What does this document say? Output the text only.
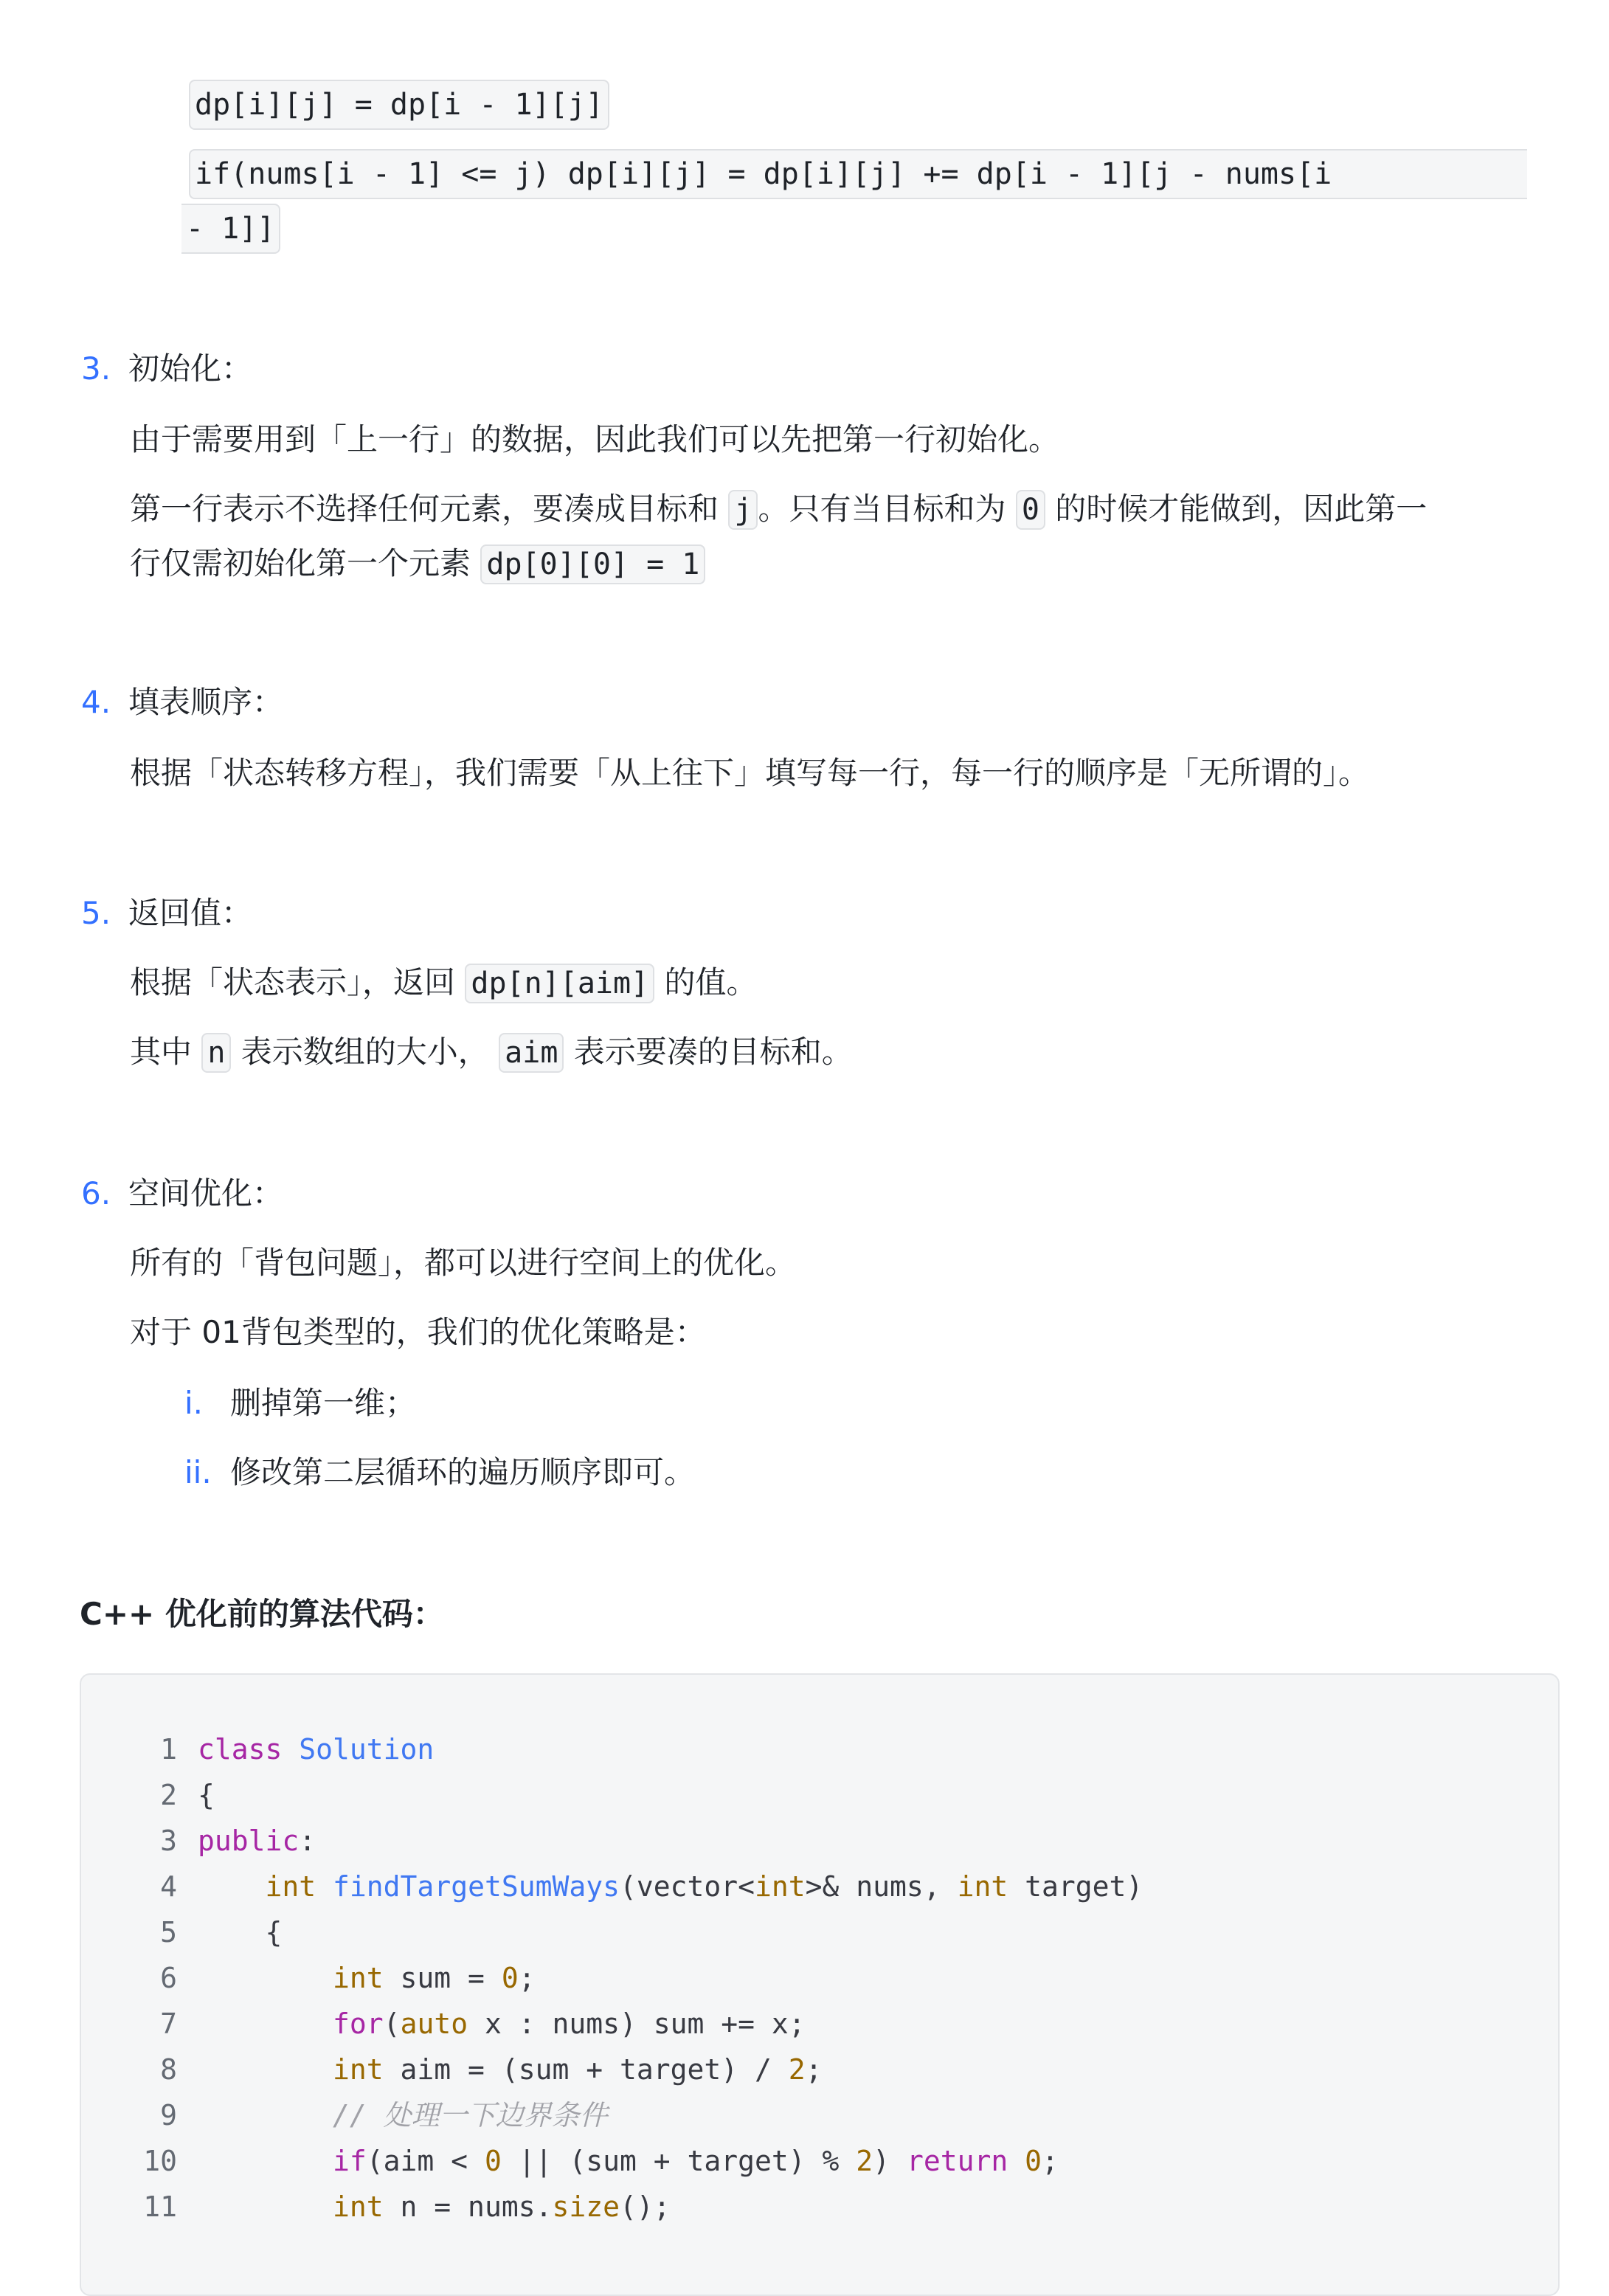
dp[i][j] = dp[i - 1][j]
if(nums[i - 1] <= j) dp[i][j] = dp[i][j] += dp[i - 1][j - nums[i
- 1]]
3. 初始化：
由于需要用到「上一行」的数据，因此我们可以先把第一行初始化。
第一行表示不选择任何元素，要凑成目标和 j 。只有当目标和为 0 的时候才能做到，因此第一
行仅需初始化第一个元素 dp[0][0] = 1
4. 填表顺序：
根据「状态转移方程」，我们需要「从上往下」填写每一行，每一行的顺序是「无所谓的」。
5. 返回值：
根据「状态表示」，返回 dp[n][aim] 的值。
其中 n 表示数组的大小， aim 表示要凑的目标和。
6. 空间优化：
所有的「背包问题」，都可以进行空间上的优化。
对于 01背包类型的，我们的优化策略是：
i. 删掉第一维；
ii. 修改第二层循环的遍历顺序即可。
C++ 优化前的算法代码：
1 class Solution
2 {
3 public:
4	int findTargetSumWays(vector<int>& nums, int target)
5    {
6	int sum = 0;
7	for(auto x : nums) sum += x;
8	int aim = (sum + target) / 2;
9	// 处理一下边界条件
10	if(aim < 0 || (sum + target) % 2) return 0;
11	int n = nums.size();
